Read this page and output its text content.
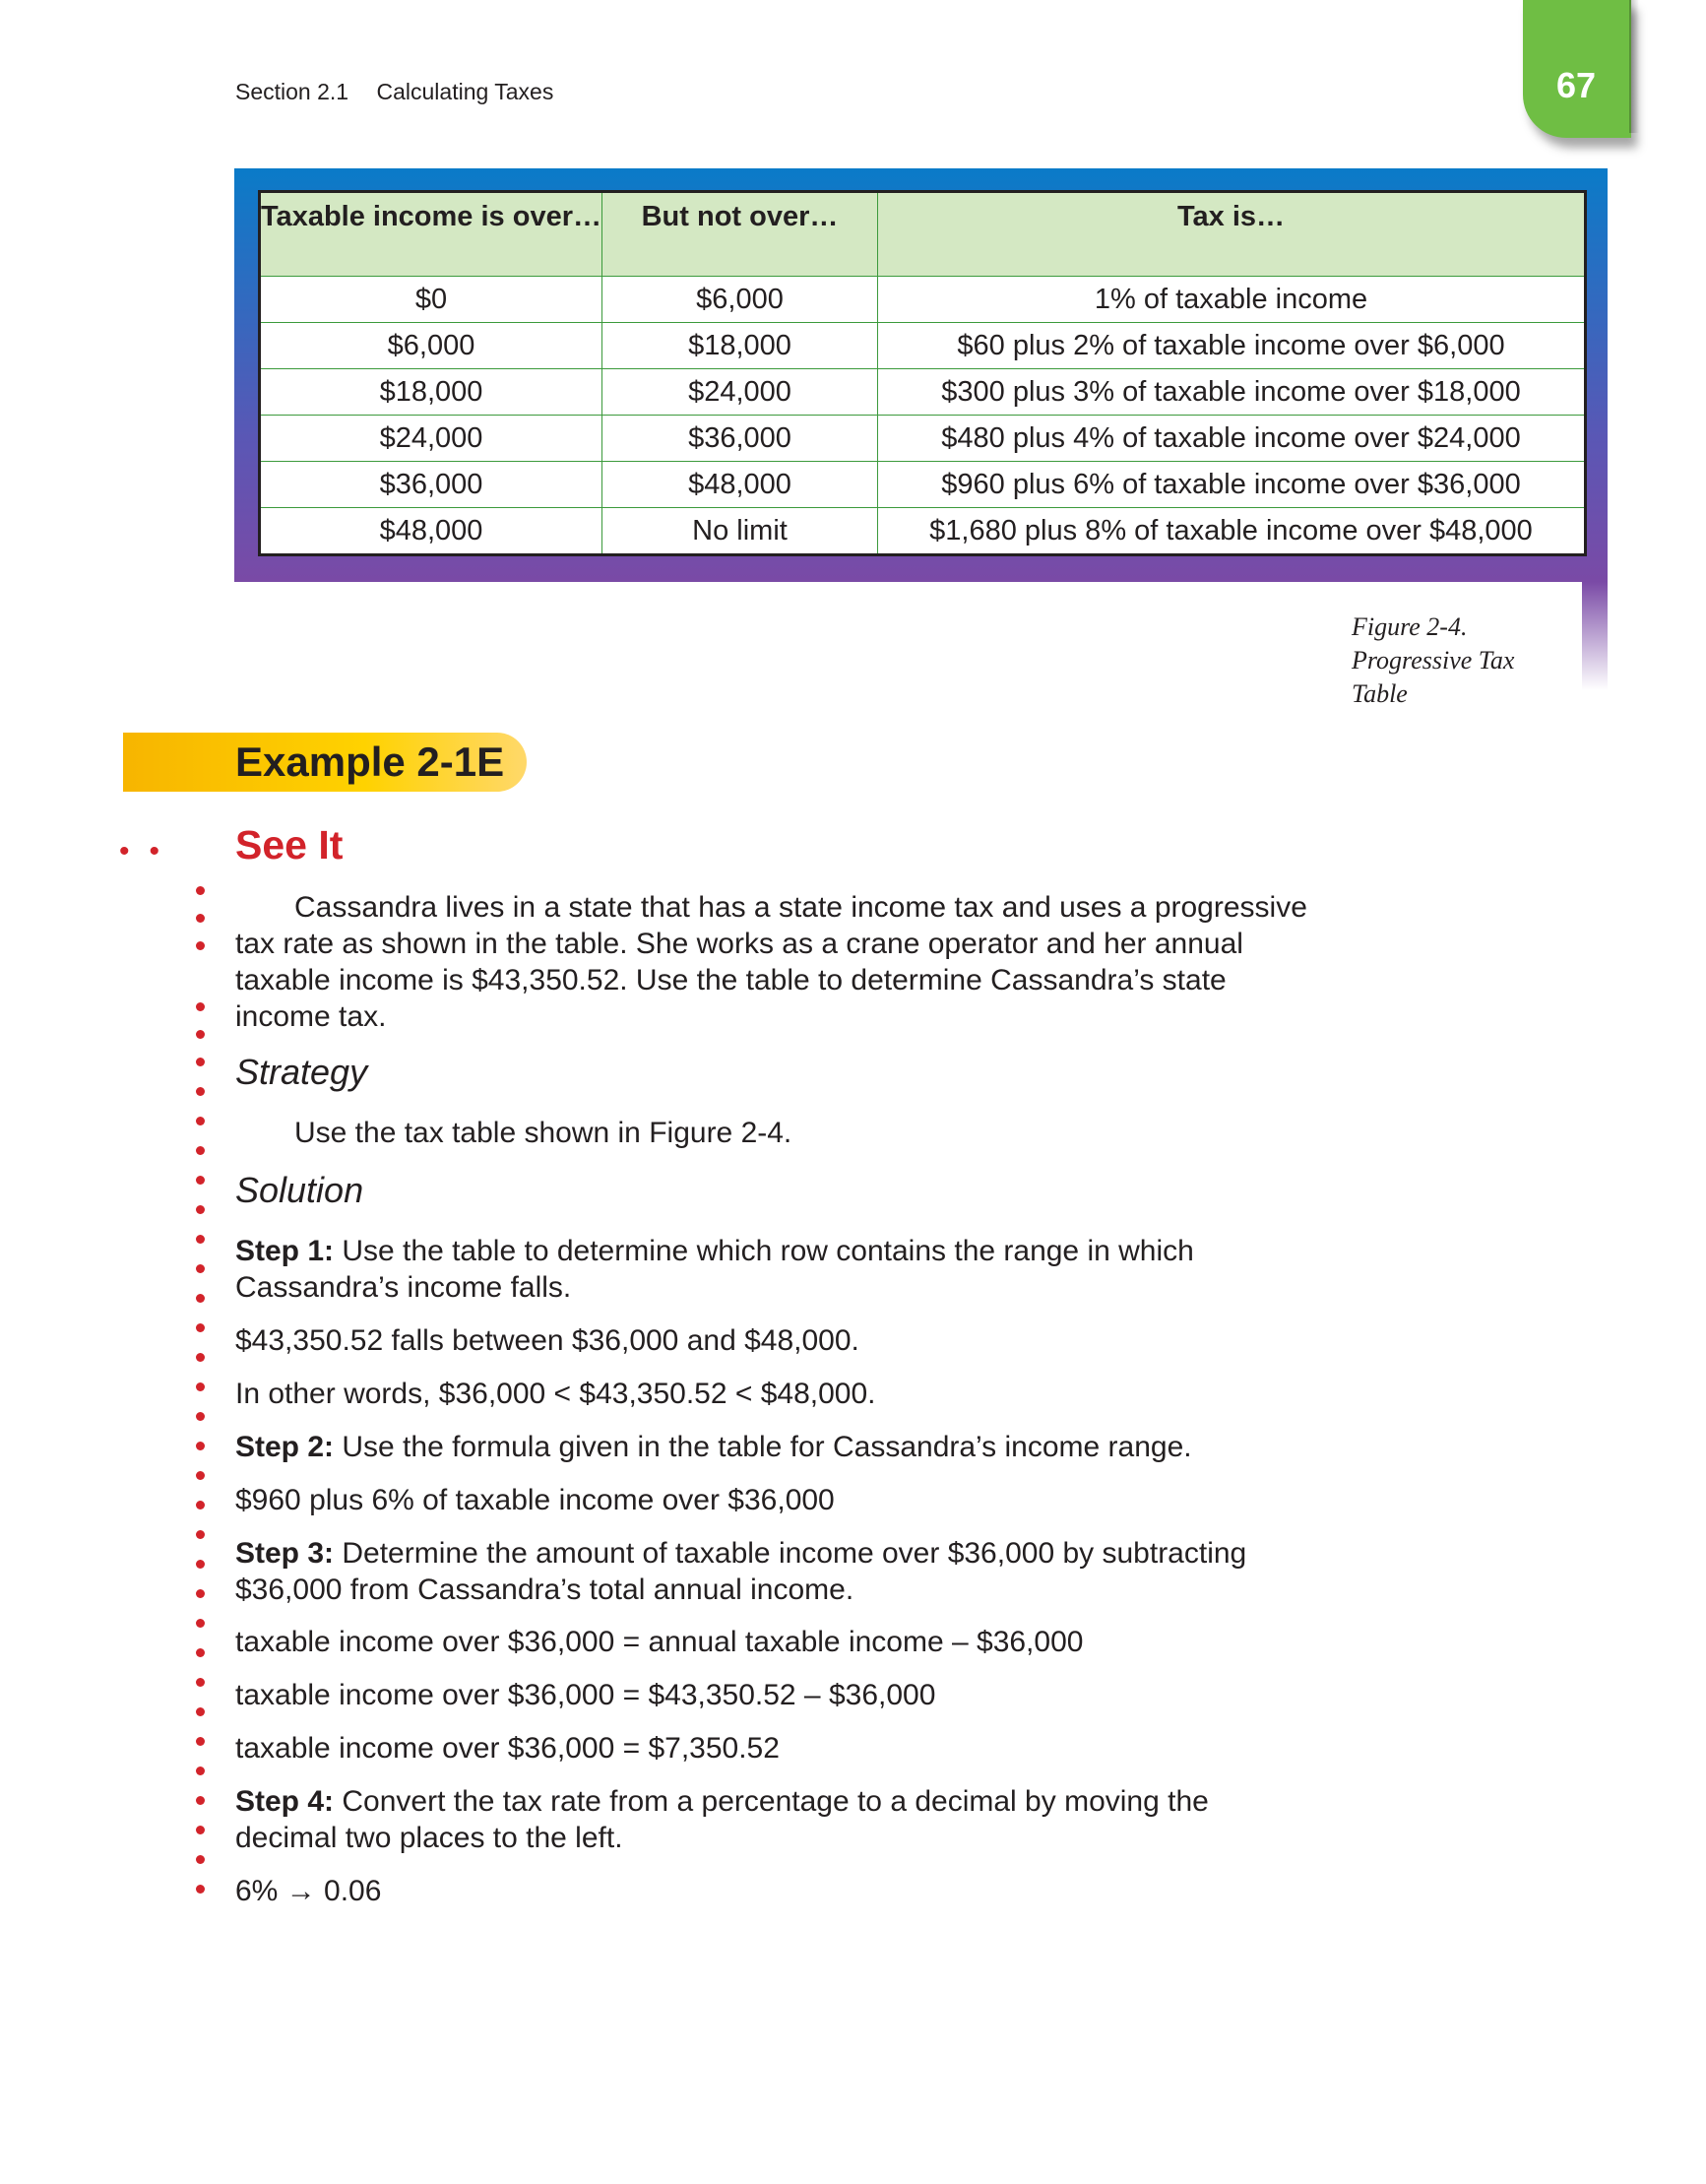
Section 2.1 Calculating Taxes	67
Taxable income is over…	But not over…	Tax is…
$0	$6,000	1% of taxable income
$6,000	$18,000	$60 plus 2% of taxable income over $6,000
$18,000	$24,000	$300 plus 3% of taxable income over $18,000
$24,000	$36,000	$480 plus 4% of taxable income over $24,000
$36,000	$48,000	$960 plus 6% of taxable income over $36,000
$48,000	No limit	$1,680 plus 8% of taxable income over $48,000
Figure 2-4.
Progressive Tax Table
Example 2-1E
•• See It

Cassandra lives in a state that has a state income tax and uses a progressive tax rate as shown in the table. She works as a crane operator and her annual taxable income is $43,350.52. Use the table to determine Cassandra’s state income tax.

Strategy

Use the tax table shown in Figure 2-4.

Solution

Step 1: Use the table to determine which row contains the range in which Cassandra’s income falls.

$43,350.52 falls between $36,000 and $48,000.

In other words, $36,000 < $43,350.52 < $48,000.

Step 2: Use the formula given in the table for Cassandra’s income range.

$960 plus 6% of taxable income over $36,000

Step 3: Determine the amount of taxable income over $36,000 by subtracting $36,000 from Cassandra’s total annual income.

taxable income over $36,000 = annual taxable income – $36,000

taxable income over $36,000 = $43,350.52 – $36,000

taxable income over $36,000 = $7,350.52

Step 4: Convert the tax rate from a percentage to a decimal by moving the decimal two places to the left.

6% → 0.06
